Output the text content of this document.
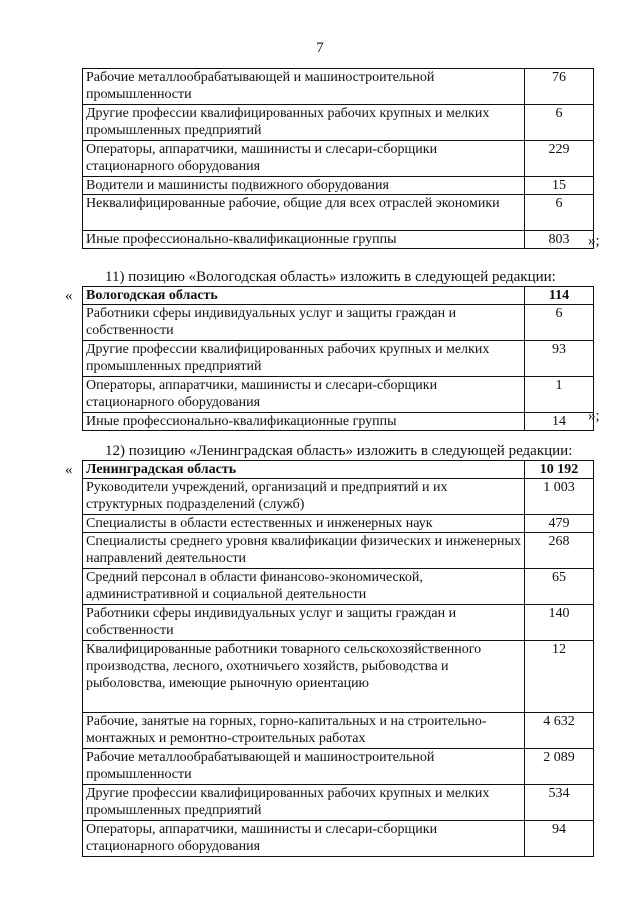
7
Рабочие металлообрабатывающей и машиностроительной промышленности	76
Другие профессии квалифицированных рабочих крупных и мелких промышленных предприятий	6
Операторы, аппаратчики, машинисты и слесари-сборщики стационарного оборудования	229
Водители и машинисты подвижного оборудования	15
Неквалифицированные рабочие, общие для всех отраслей экономики	6
Иные профессионально-квалификационные группы	803 »;
11) позицию «Вологодская область» изложить в следующей редакции:
« Вологодская область	114
Работники сферы индивидуальных услуг и защиты граждан и собственности	6
Другие профессии квалифицированных рабочих крупных и мелких промышленных предприятий	93
Операторы, аппаратчики, машинисты и слесари-сборщики стационарного оборудования	1
Иные профессионально-квалификационные группы	14 »;
12) позицию «Ленинградская область» изложить в следующей редакции:
« Ленинградская область	10 192
Руководители учреждений, организаций и предприятий и их структурных подразделений (служб)	1 003
Специалисты в области естественных и инженерных наук	479
Специалисты среднего уровня квалификации физических и инженерных направлений деятельности	268
Средний персонал в области финансово-экономической, административной и социальной деятельности	65
Работники сферы индивидуальных услуг и защиты граждан и собственности	140
Квалифицированные работники товарного сельскохозяйственного производства, лесного, охотничьего хозяйств, рыбоводства и рыболовства, имеющие рыночную ориентацию	12
Рабочие, занятые на горных, горно-капитальных и на строительно-монтажных и ремонтно-строительных работах	4 632
Рабочие металлообрабатывающей и машиностроительной промышленности	2 089
Другие профессии квалифицированных рабочих крупных и мелких промышленных предприятий	534
Операторы, аппаратчики, машинисты и слесари-сборщики стационарного оборудования	94
